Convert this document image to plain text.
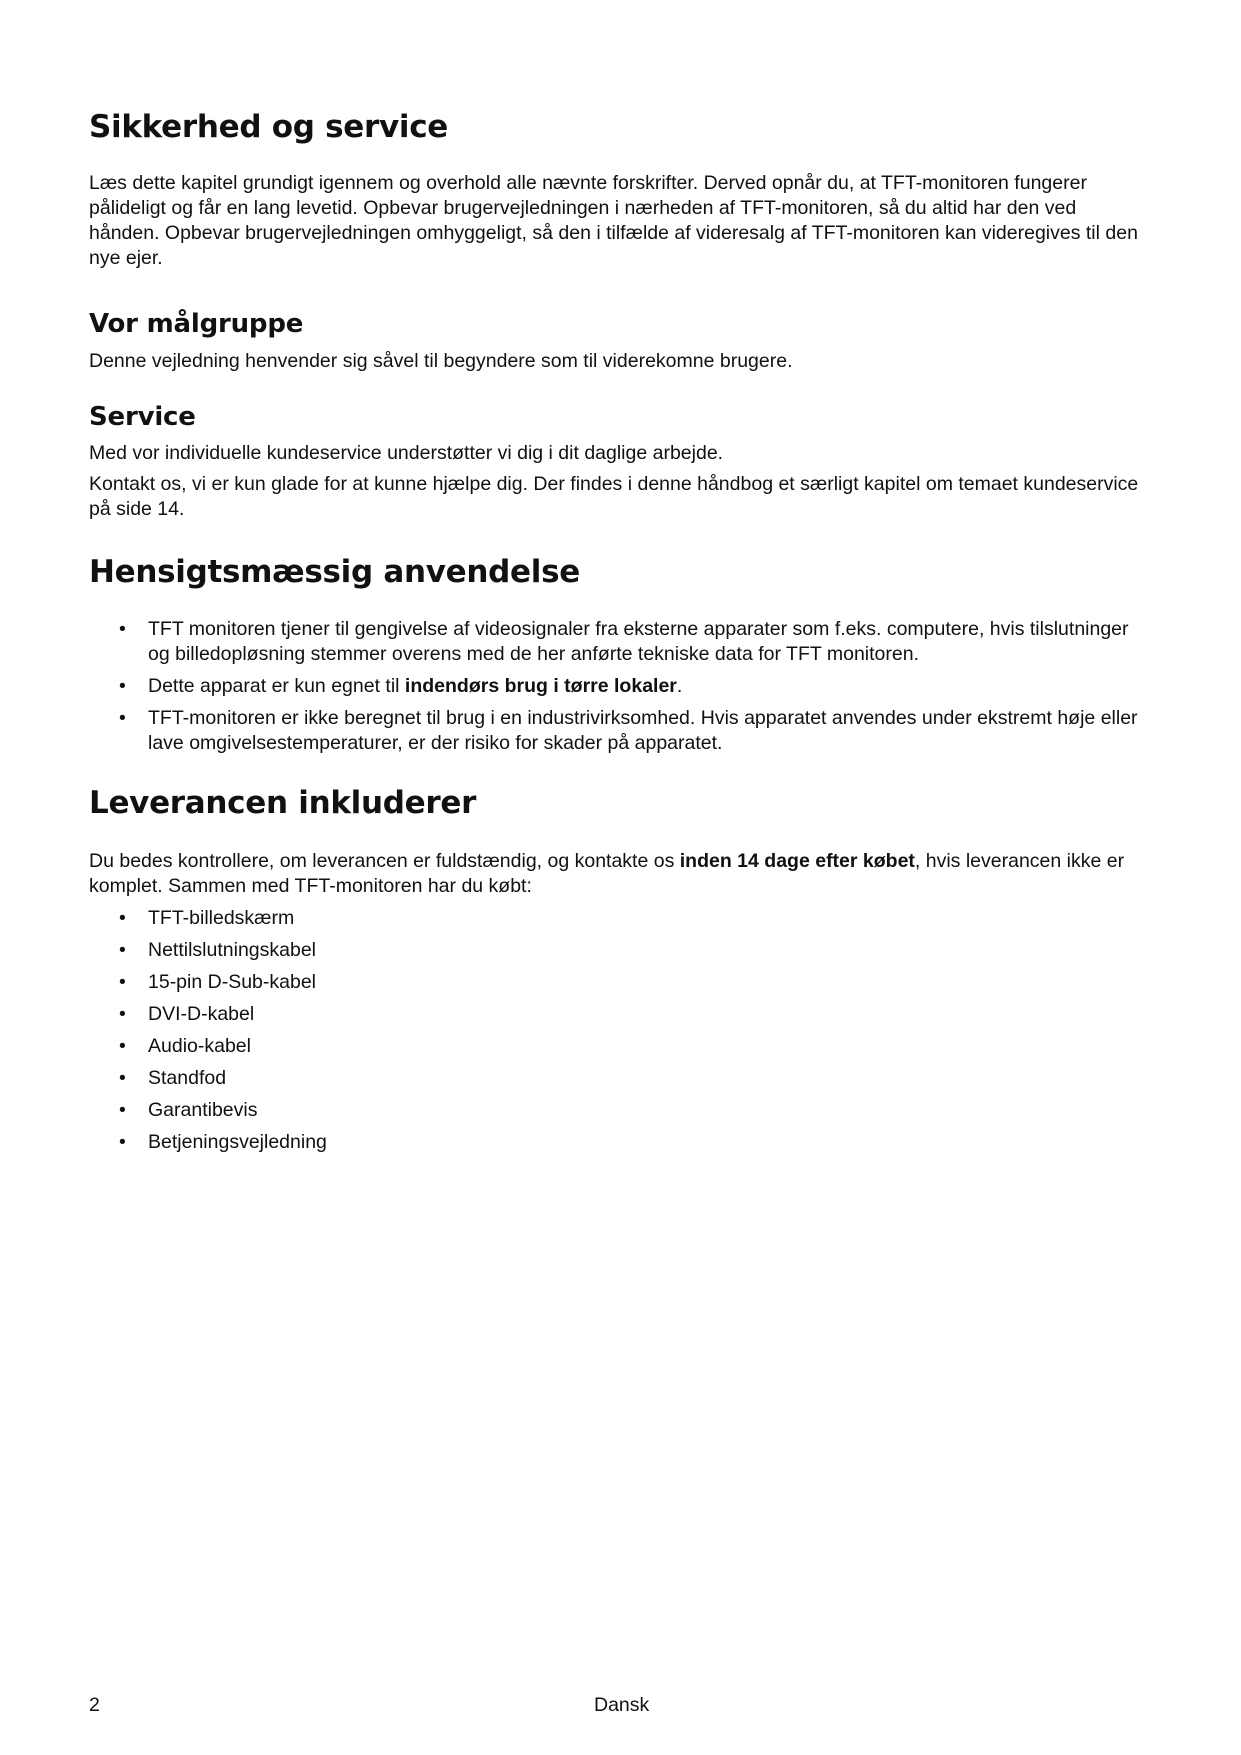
Sikkerhed og service

Læs dette kapitel grundigt igennem og overhold alle nævnte forskrifter. Derved opnår du, at TFT-monitoren fungerer pålideligt og får en lang levetid. Opbevar brugervejledningen i nærheden af TFT-monitoren, så du altid har den ved hånden. Opbevar brugervejledningen omhyggeligt, så den i tilfælde af videresalg af TFT-monitoren kan videregives til den nye ejer.

Vor målgruppe

Denne vejledning henvender sig såvel til begyndere som til viderekomne brugere.

Service

Med vor individuelle kundeservice understøtter vi dig i dit daglige arbejde.

Kontakt os, vi er kun glade for at kunne hjælpe dig. Der findes i denne håndbog et særligt kapitel om temaet kundeservice på side 14.

Hensigtsmæssig anvendelse
• TFT monitoren tjener til gengivelse af videosignaler fra eksterne apparater som f.eks. computere, hvis tilslutninger og billedopløsning stemmer overens med de her anførte tekniske data for TFT monitoren.
• Dette apparat er kun egnet til indendørs brug i tørre lokaler.
• TFT-monitoren er ikke beregnet til brug i en industrivirksomhed. Hvis apparatet anvendes under ekstremt høje eller lave omgivelsestemperaturer, er der risiko for skader på apparatet.
Leverancen inkluderer

Du bedes kontrollere, om leverancen er fuldstændig, og kontakte os inden 14 dage efter købet, hvis leverancen ikke er komplet. Sammen med TFT-monitoren har du købt:

• TFT-billedskærm
• Nettilslutningskabel
• 15-pin D-Sub-kabel
• DVI-D-kabel
• Audio-kabel
• Standfod
• Garantibevis
• Betjeningsvejledning
2	Dansk
